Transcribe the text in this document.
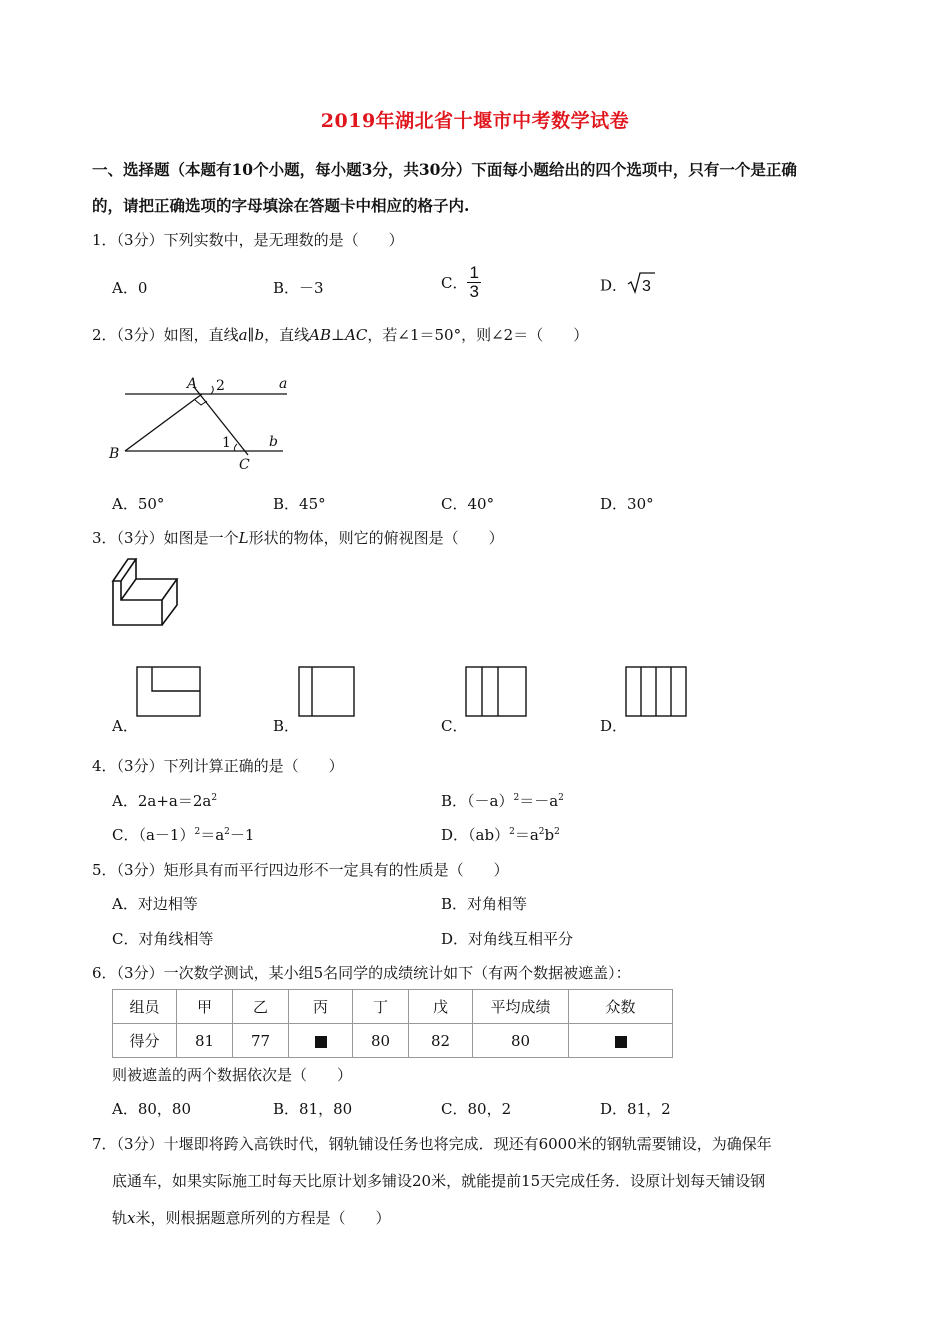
2019年湖北省十堰市中考数学试卷
一、选择题（本题有10个小题，每小题3分，共30分）下面每小题给出的四个选项中，只有一个是正确
的，请把正确选项的字母填涂在答题卡中相应的格子内.
1．（3分）下列实数中，是无理数的是（　　）
A．0	B．－3	C． $\frac{1}{3}$	D． 3
2．（3分）如图，直线a∥b，直线AB⊥AC，若∠1＝50°，则∠2＝（　　）
A 2	a
B
1	b
C
A．50°	B．45°	C．40°	D．30°
3．（3分）如图是一个L形状的物体，则它的俯视图是（　　）
A．	B．	C．	D．
4．（3分）下列计算正确的是（　　）
A．$2a+a=2a^2$	B．$(-a)^2=-a^2$
C．$(a-1)^2=a^2-1$	D．$(ab)^2=a^2b^2$
5．（3分）矩形具有而平行四边形不一定具有的性质是（　　）
A．对边相等	B．对角相等
C．对角线相等	D．对角线互相平分
6．（3分）一次数学测试，某小组5名同学的成绩统计如下（有两个数据被遮盖）：
组员	甲	乙	丙	丁	戊	平均成绩	众数
得分	81	77		80	82	80	
则被遮盖的两个数据依次是（　　）
A．80，80	B．81，80	C．80，2	D．81，2
7．（3分）十堰即将跨入高铁时代，钢轨铺设任务也将完成．现还有6000米的钢轨需要铺设，为确保年
底通车，如果实际施工时每天比原计划多铺设20米，就能提前15天完成任务．设原计划每天铺设钢
轨x米，则根据题意所列的方程是（　　）
